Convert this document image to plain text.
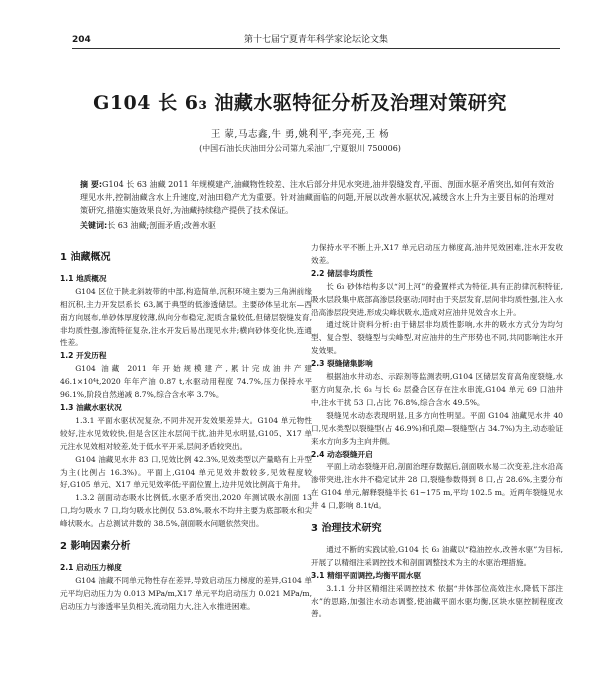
204	第十七届宁夏青年科学家论坛论文集
G104 长 6₃ 油藏水驱特征分析及治理对策研究
王 蒙,马志鑫,牛 勇,姚利平,李亮亮,王 杨
(中国石油长庆油田分公司第九采油厂,宁夏银川 750006)
摘 要:G104 长 63 油藏 2011 年规模建产,油藏物性较差、注水后部分井见水突进,油井裂缝发育,平面、剖面水驱矛盾突出,如何有效治理见水井,控制油藏含水上升速度,对油田稳产尤为重要。针对油藏面临的问题,开展以改善水驱状况,减缓含水上升为主要目标的治理对策研究,措施实施效果良好,为油藏持续稳产提供了技术保证。
关键词:长 63 油藏;剖面矛盾;改善水驱
1 油藏概况
1.1 地质概况
G104 区位于陕北斜坡带的中部,构造简单,沉积环境主要为三角洲前缘相沉积,主力开发层系长 63,属于典型的低渗透储层。主要砂体呈北东—西南方向展布,单砂体厚度较薄,纵向分布稳定,泥质含量较低,但储层裂缝发育,非均质性强,渗流特征复杂,注水开发后易出现见水井;横向砂体变化快,连通性差。
1.2 开发历程
G104 油藏 2011 年开始规模建产,累计完成油井产建 46.1×10⁴t,2020 年年产油 0.87 t,水驱动用程度 74.7%,压力保持水平 96.1%,阶段自然递减 8.7%,综合含水率 3.7%。
1.3 油藏水驱状况
1.3.1 平面水驱状况复杂,不同井况开发效果差异大。G104 单元物性较好,注水见效较快,但是含区注水层间干扰,油井见水明显,G105、X17 单元注水见效相对较差,处于低水平开采,层间矛盾较突出。
G104 油藏见水井 83 口,见效比例 42.3%,见效类型以产量略有上升型为主(比例占 16.3%)。平面上,G104 单元见效井数较多,见效程度较好,G105 单元、X17 单元见效率低;平面位置上,边井见效比例高于角井。
1.3.2 剖面动态吸水比例低,水驱矛盾突出,2020 年测试吸水剖面 13 口,均匀吸水 7 口,均匀吸水比例仅 53.8%,吸水不均井主要为底部吸水和尖峰状吸水。占总测试井数的 38.5%,剖面吸水问题依然突出。
2 影响因素分析
2.1 启动压力梯度
G104 油藏不同单元物性存在差异,导致启动压力梯度的差异,G104 单元平均启动压力为 0.013 MPa/m,X17 单元平均启动压力 0.021 MPa/m,启动压力与渗透率呈负相关,流动阻力大,注入水推进困难。
力保持水平不断上升,X17 单元启动压力梯度高,油井见效困难,注水开发收效差。
2.2 储层非均质性
长 6₃ 砂体结构多以“河上河”的叠置样式为特征,具有正韵律沉积特征,吸水层段集中底部高渗层段驱动;同时由于夹层发育,层间非均质性强,注入水沿高渗层段突进,形成尖峰状吸水,造成对应油井见效含水上升。
通过统计资料分析:由于储层非均质性影响,水井的吸水方式分为均匀型、复合型、裂缝型与尖峰型,对应油井的生产形势也不同,共同影响注水开发效果。
2.3 裂缝储集影响
根据油水井动态、示踪剂等监测表明,G104 区储层发育高角度裂缝,水驱方向复杂,长 6₃ 与长 6₂ 层叠合区存在注水串流,G104 单元 69 口油井中,注水干扰 53 口,占比 76.8%,综合含水 49.5%。
裂缝见水动态表现明显,且多方向性明显。平面 G104 油藏见水井 40 口,见水类型以裂缝型(占 46.9%)和孔隙—裂缝型(占 34.7%)为主,动态验证来水方向多为主向井侧。
2.4 动态裂缝开启
平面上动态裂缝开启,剖面治理存数据后,剖面吸水易二次变差,注水沿高渗带突进,注水井不稳定试井 28 口,裂缝参数得到 8 口,占 28.6%,主要分布在 G104 单元,解释裂缝半长 61~175 m,平均 102.5 m。近两年裂缝见水井 4 口,影响 8.1t/d。
3 治理技术研究
通过不断的实践试验,G104 长 6₃ 油藏以“稳油控水,改善水驱”为目标,开展了以精细注采调控技术和剖面调整技术为主的水驱治理措施。
3.1 精细平面调控,均衡平面水驱
3.1.1 分井区精细注采调控技术 依据“井体部位高效注水,降低下部注水”的思路,加强注水动态调整,使油藏平面水驱均衡,区块水驱控制程度改善。
